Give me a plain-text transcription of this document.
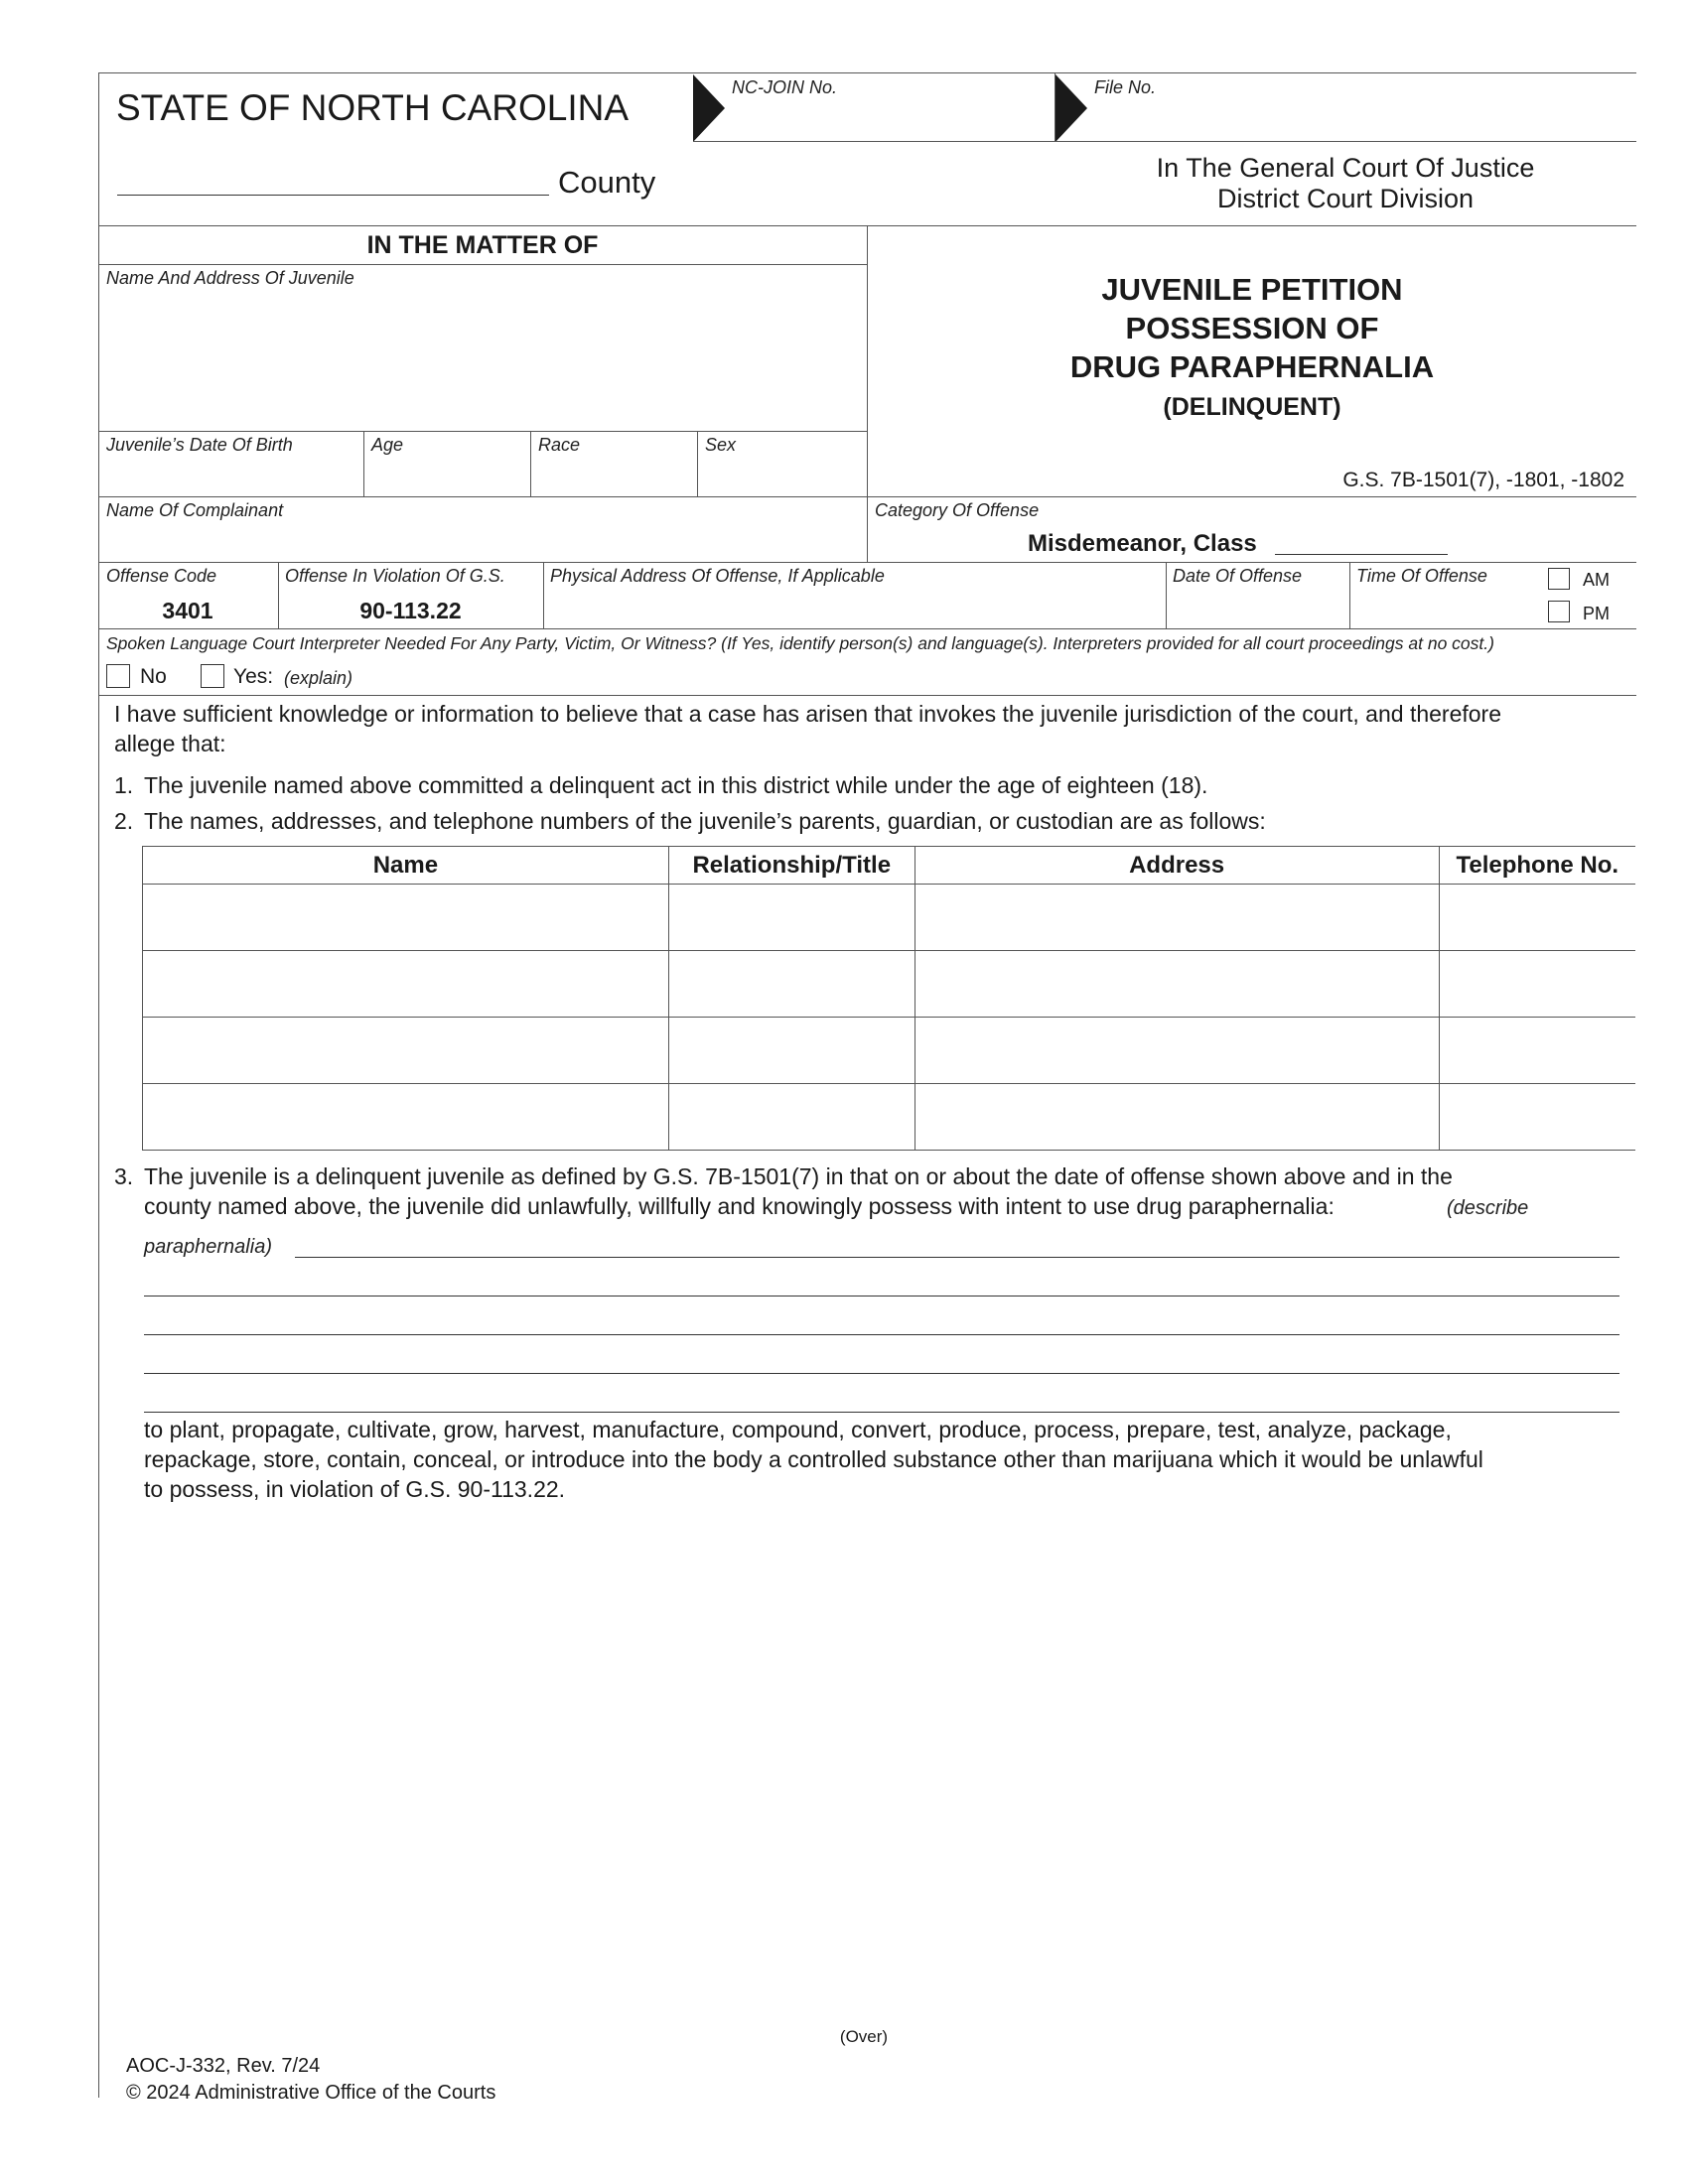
STATE OF NORTH CAROLINA	NC-JOIN No.	File No.
County	In The General Court Of Justice
District Court Division
IN THE MATTER OF
Name And Address Of Juvenile
Juvenile’s Date Of Birth	Age	Race	Sex
JUVENILE PETITION
POSSESSION OF
DRUG PARAPHERNALIA
(DELINQUENT)
G.S. 7B-1501(7), -1801, -1802
Name Of Complainant	Category Of Offense
Misdemeanor, Class
Offense Code
3401
Offense In Violation Of G.S.
90-113.22
Physical Address Of Offense, If Applicable	Date Of Offense	Time Of Offense	AM
PM
Spoken Language Court Interpreter Needed For Any Party, Victim, Or Witness? (If Yes, identify person(s) and language(s). Interpreters provided for all court proceedings at no cost.)
No	Yes: (explain)
I have sufficient knowledge or information to believe that a case has arisen that invokes the juvenile jurisdiction of the court, and therefore
allege that:
1. The juvenile named above committed a delinquent act in this district while under the age of eighteen (18).
2. The names, addresses, and telephone numbers of the juvenile’s parents, guardian, or custodian are as follows:
Name	Relationship/Title	Address	Telephone No.

3. The juvenile is a delinquent juvenile as defined by G.S. 7B-1501(7) in that on or about the date of offense shown above and in the
county named above, the juvenile did unlawfully, willfully and knowingly possess with intent to use drug paraphernalia:	(describe
paraphernalia)
to plant, propagate, cultivate, grow, harvest, manufacture, compound, convert, produce, process, prepare, test, analyze, package,
repackage, store, contain, conceal, or introduce into the body a controlled substance other than marijuana which it would be unlawful
to possess, in violation of G.S. 90-113.22.
(Over)
AOC-J-332, Rev. 7/24
© 2024 Administrative Office of the Courts
